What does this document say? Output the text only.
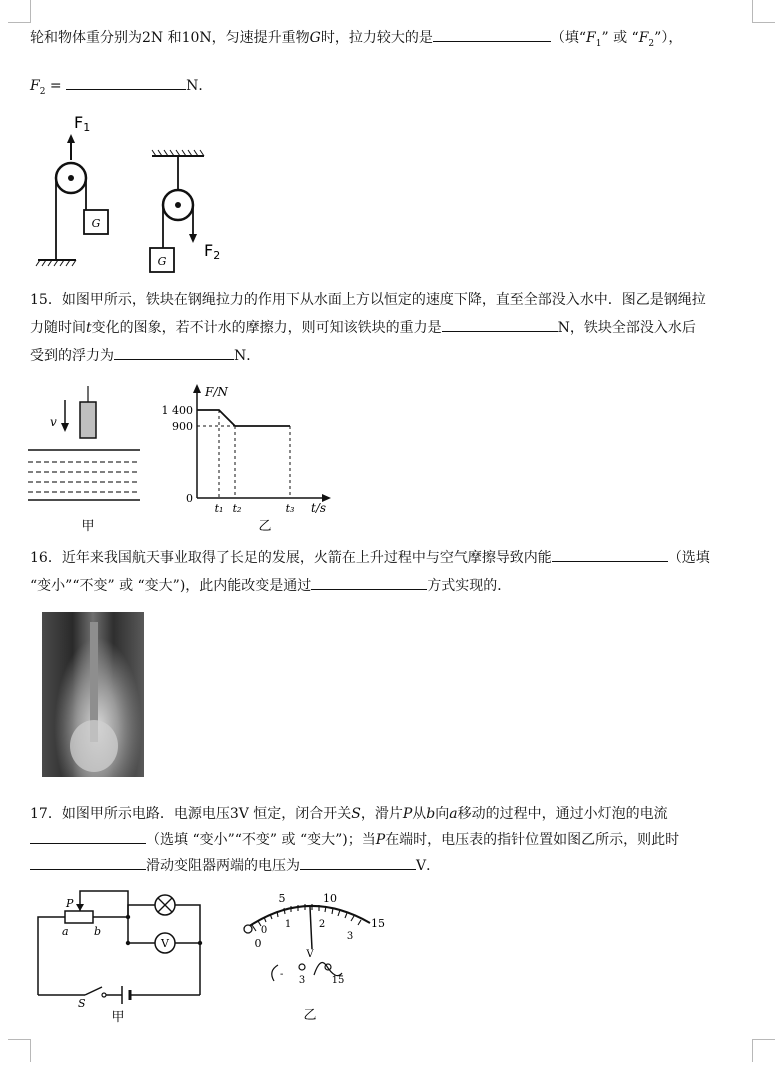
轮和物体重分别为2N 和10N，匀速提升重物G时，拉力较大的是	（填“$F_1$” 或 “$F_2$”），
$F_2$ =	N．
G
F1
G
F2
15．如图甲所示，铁块在钢绳拉力的作用下从水面上方以恒定的速度下降，直至全部没入水中．图乙是钢绳拉
力随时间t变化的图象，若不计水的摩擦力，则可知该铁块的重力是	N，铁块全部没入水后
受到的浮力为	N．
v
甲
F/N
t/s
1 400
900
0
t₁ t₂	t₃
乙
16．近年来我国航天事业取得了长足的发展，火箭在上升过程中与空气摩擦导致内能	（选填
“变小”“不变” 或 “变大”)，此内能改变是通过	方式实现的．
17．如图甲所示电路．电源电压3V 恒定，闭合开关S，滑片P从b向a移动的过程中，通过小灯泡的电流
（选填 “变小”“不变” 或 “变大”)；当P在端时，电压表的指针位置如图乙所示，则此时
滑动变阻器两端的电压为	V．
V
P
a b
S
甲
0
5	10
15
0
1	2
3
V
-
3	15
乙
